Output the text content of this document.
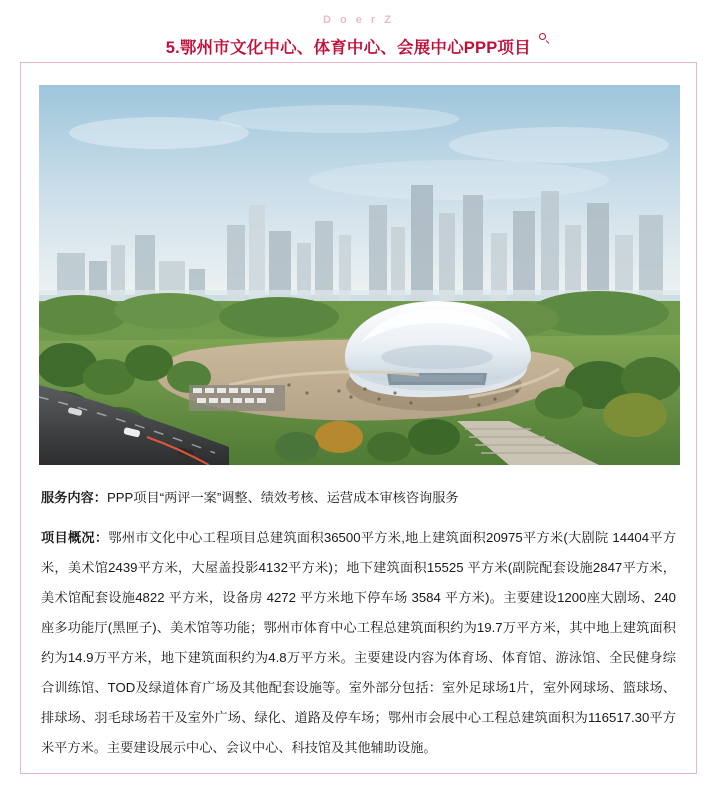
D o e r Z
5.鄂州市文化中心、体育中心、会展中心PPP项目

服务内容：PPP项目“两评一案”调整、绩效考核、运营成本审核咨询服务

项目概况：鄂州市文化中心工程项目总建筑面积36500平方米,地上建筑面积20975平方米(大剧院 14404平方米，美术馆2439平方米，大屋盖投影4132平方米)；地下建筑面积15525 平方米(副院配套设施2847平方米，美术馆配套设施4822 平方米，设备房 4272 平方米地下停车场 3584 平方米)。主要建设1200座大剧场、240 座多功能厅(黑匣子)、美术馆等功能；鄂州市体育中心工程总建筑面积约为19.7万平方米，其中地上建筑面积约为14.9万平方米，地下建筑面积约为4.8万平方米。主要建设内容为体育场、体育馆、游泳馆、全民健身综合训练馆、TOD及绿道体育广场及其他配套设施等。室外部分包括：室外足球场1片，室外网球场、篮球场、排球场、羽毛球场若干及室外广场、绿化、道路及停车场；鄂州市会展中心工程总建筑面积为116517.30平方米平方米。主要建设展示中心、会议中心、科技馆及其他辅助设施。
